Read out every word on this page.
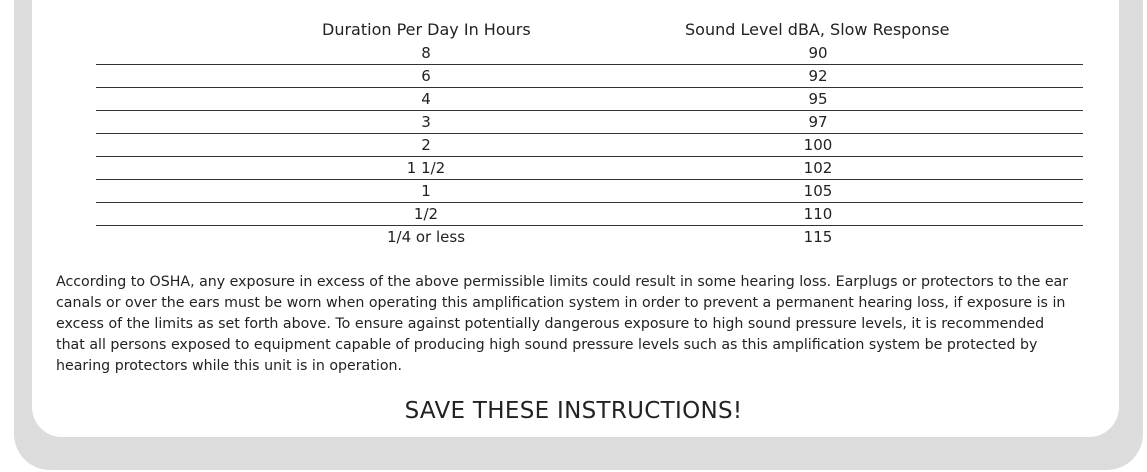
Duration Per Day In Hours	Sound Level dBA, Slow Response
8	90
6	92
4	95
3	97
2	100
1 1/2	102
1	105
1/2	110
1/4 or less	115
According to OSHA, any exposure in excess of the above permissible limits could result in some hearing loss. Earplugs or protectors to the ear canals or over the ears must be worn when operating this amplification system in order to prevent a permanent hearing loss, if exposure is in excess of the limits as set forth above. To ensure against potentially dangerous exposure to high sound pressure levels, it is recommended that all persons exposed to equipment capable of producing high sound pressure levels such as this amplification system be protected by hearing protectors while this unit is in operation.
SAVE THESE INSTRUCTIONS!
